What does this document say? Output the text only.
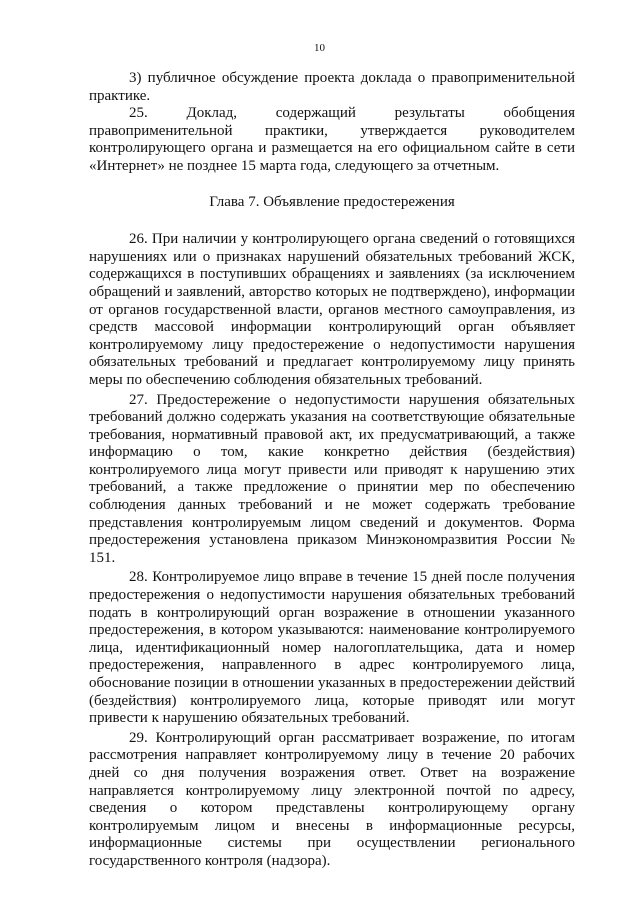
10

3) публичное обсуждение проекта доклада о правоприменительной практике.

25. Доклад, содержащий результаты обобщения правоприменительной практики, утверждается руководителем контролирующего органа и размещается на его официальном сайте в сети «Интернет» не позднее 15 марта года, следующего за отчетным.

Глава 7. Объявление предостережения

26. При наличии у контролирующего органа сведений о готовящихся нарушениях или о признаках нарушений обязательных требований ЖСК, содержащихся в поступивших обращениях и заявлениях (за исключением обращений и заявлений, авторство которых не подтверждено), информации от органов государственной власти, органов местного самоуправления, из средств массовой информации контролирующий орган объявляет контролируемому лицу предостережение о недопустимости нарушения обязательных требований и предлагает контролируемому лицу принять меры по обеспечению соблюдения обязательных требований.

27. Предостережение о недопустимости нарушения обязательных требований должно содержать указания на соответствующие обязательные требования, нормативный правовой акт, их предусматривающий, а также информацию о том, какие конкретно действия (бездействия) контролируемого лица могут привести или приводят к нарушению этих требований, а также предложение о принятии мер по обеспечению соблюдения данных требований и не может содержать требование представления контролируемым лицом сведений и документов. Форма предостережения установлена приказом Минэкономразвития России № 151.

28. Контролируемое лицо вправе в течение 15 дней после получения предостережения о недопустимости нарушения обязательных требований подать в контролирующий орган возражение в отношении указанного предостережения, в котором указываются: наименование контролируемого лица, идентификационный номер налогоплательщика, дата и номер предостережения, направленного в адрес контролируемого лица, обоснование позиции в отношении указанных в предостережении действий (бездействия) контролируемого лица, которые приводят или могут привести к нарушению обязательных требований.

29. Контролирующий орган рассматривает возражение, по итогам рассмотрения направляет контролируемому лицу в течение 20 рабочих дней со дня получения возражения ответ. Ответ на возражение направляется контролируемому лицу электронной почтой по адресу, сведения о котором представлены контролирующему органу контролируемым лицом и внесены в информационные ресурсы, информационные системы при осуществлении регионального государственного контроля (надзора).
